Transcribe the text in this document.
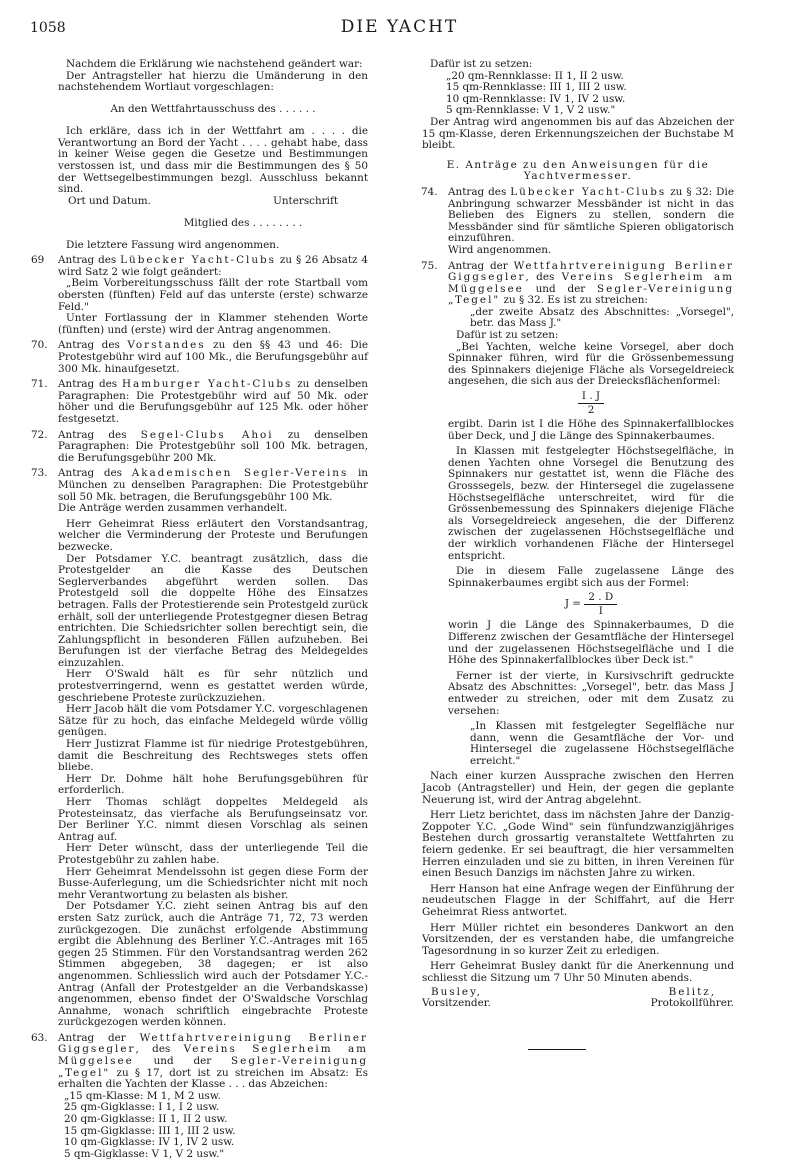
1058	DIE YACHT

Nachdem die Erklärung wie nachstehend geändert war:

Der Antragsteller hat hierzu die Umänderung in den nachstehendem Wortlaut vorgeschlagen:

An den Wettfahrtausschuss des . . . . . .

Ich erkläre, dass ich in der Wettfahrt am . . . . die Verantwortung an Bord der Yacht . . . . gehabt habe, dass in keiner Weise gegen die Gesetze und Bestimmungen verstossen ist, und dass mir die Bestimmungen des § 50 der Wettsegelbestimmungen bezgl. Ausschluss bekannt sind.

Ort und Datum.	Unterschrift

Mitglied des . . . . . . . .

Die letztere Fassung wird angenommen.

69	Antrag des Lübecker Yacht-Clubs zu § 26 Absatz 4 wird Satz 2 wie folgt geändert:

„Beim Vorbereitungsschuss fällt der rote Startball vom obersten (fünften) Feld auf das unterste (erste) schwarze Feld."

Unter Fortlassung der in Klammer stehenden Worte (fünften) und (erste) wird der Antrag angenommen.

70.	Antrag des Vorstandes zu den §§ 43 und 46: Die Protestgebühr wird auf 100 Mk., die Berufungsgebühr auf 300 Mk. hinaufgesetzt.

71.	Antrag des Hamburger Yacht-Clubs zu denselben Paragraphen: Die Protestgebühr wird auf 50 Mk. oder höher und die Berufungsgebühr auf 125 Mk. oder höher festgesetzt.

72.	Antrag des Segel-Clubs Ahoi zu denselben Paragraphen: Die Protestgebühr soll 100 Mk. betragen, die Berufungsgebühr 200 Mk.

73.	Antrag des Akademischen Segler-Vereins in München zu denselben Paragraphen: Die Protestgebühr soll 50 Mk. betragen, die Berufungsgebühr 100 Mk.

Die Anträge werden zusammen verhandelt.

Herr Geheimrat Riess erläutert den Vorstandsantrag, welcher die Verminderung der Proteste und Berufungen bezwecke.

Der Potsdamer Y.C. beantragt zusätzlich, dass die Protestgelder an die Kasse des Deutschen Seglerverbandes abgeführt werden sollen. Das Protestgeld soll die doppelte Höhe des Einsatzes betragen. Falls der Protestierende sein Protestgeld zurück erhält, soll der unterliegende Protestgegner diesen Betrag entrichten. Die Schiedsrichter sollen berechtigt sein, die Zahlungspflicht in besonderen Fällen aufzuheben. Bei Berufungen ist der vierfache Betrag des Meldegeldes einzuzahlen.

Herr O'Swald hält es für sehr nützlich und protestverringernd, wenn es gestattet werden würde, geschriebene Proteste zurückzuziehen.

Herr Jacob hält die vom Potsdamer Y.C. vorgeschlagenen Sätze für zu hoch, das einfache Meldegeld würde völlig genügen.

Herr Justizrat Flamme ist für niedrige Protestgebühren, damit die Beschreitung des Rechtsweges stets offen bliebe.

Herr Dr. Dohme hält hohe Berufungsgebühren für erforderlich.

Herr Thomas schlägt doppeltes Meldegeld als Protesteinsatz, das vierfache als Berufungseinsatz vor. Der Berliner Y.C. nimmt diesen Vorschlag als seinen Antrag auf.

Herr Deter wünscht, dass der unterliegende Teil die Protestgebühr zu zahlen habe.

Herr Geheimrat Mendelssohn ist gegen diese Form der Busse-Auferlegung, um die Schiedsrichter nicht mit noch mehr Verantwortung zu belasten als bisher.

Der Potsdamer Y.C. zieht seinen Antrag bis auf den ersten Satz zurück, auch die Anträge 71, 72, 73 werden zurückgezogen. Die zunächst erfolgende Abstimmung ergibt die Ablehnung des Berliner Y.C.-Antrages mit 165 gegen 25 Stimmen. Für den Vorstandsantrag werden 262 Stimmen abgegeben, 38 dagegen; er ist also angenommen. Schliesslich wird auch der Potsdamer Y.C.-Antrag (Anfall der Protestgelder an die Verbandskasse) angenommen, ebenso findet der O'Swaldsche Vorschlag Annahme, wonach schriftlich eingebrachte Proteste zurückgezogen werden können.

63.	Antrag der Wettfahrtvereinigung Berliner Giggsegler, des Vereins Seglerheim am Müggelsee und der Segler-Vereinigung „Tegel" zu § 17, dort ist zu streichen im Absatz: Es erhalten die Yachten der Klasse . . . das Abzeichen:

„15 qm-Klasse: M 1, M 2 usw.

25 qm-Gigklasse: I 1, I 2 usw.

20 qm-Gigklasse: II 1, II 2 usw.

15 qm-Gigklasse: III 1, III 2 usw.

10 qm-Gigklasse: IV 1, IV 2 usw.

5 qm-Gigklasse: V 1, V 2 usw."

Dafür ist zu setzen:

„20 qm-Rennklasse: II 1, II 2 usw.

15 qm-Rennklasse: III 1, III 2 usw.

10 qm-Rennklasse: IV 1, IV 2 usw.

5 qm-Rennklasse: V 1, V 2 usw."

Der Antrag wird angenommen bis auf das Abzeichen der 15 qm-Klasse, deren Erkennungszeichen der Buchstabe M bleibt.

E. Anträge zu den Anweisungen für die Yachtvermesser.

74.	Antrag des Lübecker Yacht-Clubs zu § 32: Die Anbringung schwarzer Messbänder ist nicht in das Belieben des Eigners zu stellen, sondern die Messbänder sind für sämtliche Spieren obligatorisch einzuführen.

Wird angenommen.

75.	Antrag der Wettfahrtvereinigung Berliner Giggsegler, des Vereins Seglerheim am Müggelsee und der Segler-Vereinigung „Tegel" zu § 32. Es ist zu streichen:

„der zweite Absatz des Abschnittes: „Vorsegel", betr. das Mass J."

Dafür ist zu setzen:

„Bei Yachten, welche keine Vorsegel, aber doch Spinnaker führen, wird für die Grössenbemessung des Spinnakers diejenige Fläche als Vorsegeldreieck angesehen, die sich aus der Dreiecksflächenformel:

$\frac{I . J}{2}$

ergibt. Darin ist I die Höhe des Spinnakerfallblockes über Deck, und J die Länge des Spinnakerbaumes.

In Klassen mit festgelegter Höchstsegelfläche, in denen Yachten ohne Vorsegel die Benutzung des Spinnakers nur gestattet ist, wenn die Fläche des Grosssegels, bezw. der Hintersegel die zugelassene Höchstsegelfläche unterschreitet, wird für die Grössenbemessung des Spinnakers diejenige Fläche als Vorsegeldreieck angesehen, die der Differenz zwischen der zugelassenen Höchstsegelfläche und der wirklich vorhandenen Fläche der Hintersegel entspricht.

Die in diesem Falle zugelassene Länge des Spinnakerbaumes ergibt sich aus der Formel:

$J = \frac{2 . D}{I}$

worin J die Länge des Spinnakerbaumes, D die Differenz zwischen der Gesamtfläche der Hintersegel und der zugelassenen Höchstsegelfläche und I die Höhe des Spinnakerfallblockes über Deck ist."

Ferner ist der vierte, in Kursivschrift gedruckte Absatz des Abschnittes: „Vorsegel", betr. das Mass J entweder zu streichen, oder mit dem Zusatz zu versehen:

„In Klassen mit festgelegter Segelfläche nur dann, wenn die Gesamtfläche der Vor- und Hintersegel die zugelassene Höchstsegelfläche erreicht."

Nach einer kurzen Aussprache zwischen den Herren Jacob (Antragsteller) und Hein, der gegen die geplante Neuerung ist, wird der Antrag abgelehnt.

Herr Lietz berichtet, dass im nächsten Jahre der Danzig-Zoppoter Y.C. „Gode Wind" sein fünfundzwanzigjähriges Bestehen durch grossartig veranstaltete Wettfahrten zu feiern gedenke. Er sei beauftragt, die hier versammelten Herren einzuladen und sie zu bitten, in ihren Vereinen für einen Besuch Danzigs im nächsten Jahre zu wirken.

Herr Hanson hat eine Anfrage wegen der Einführung der neudeutschen Flagge in der Schiffahrt, auf die Herr Geheimrat Riess antwortet.

Herr Müller richtet ein besonderes Dankwort an den Vorsitzenden, der es verstanden habe, die umfangreiche Tagesordnung in so kurzer Zeit zu erledigen.

Herr Geheimrat Busley dankt für die Anerkennung und schliesst die Sitzung um 7 Uhr 50 Minuten abends.

Busley,
Vorsitzender.
Belitz,
Protokollführer.
